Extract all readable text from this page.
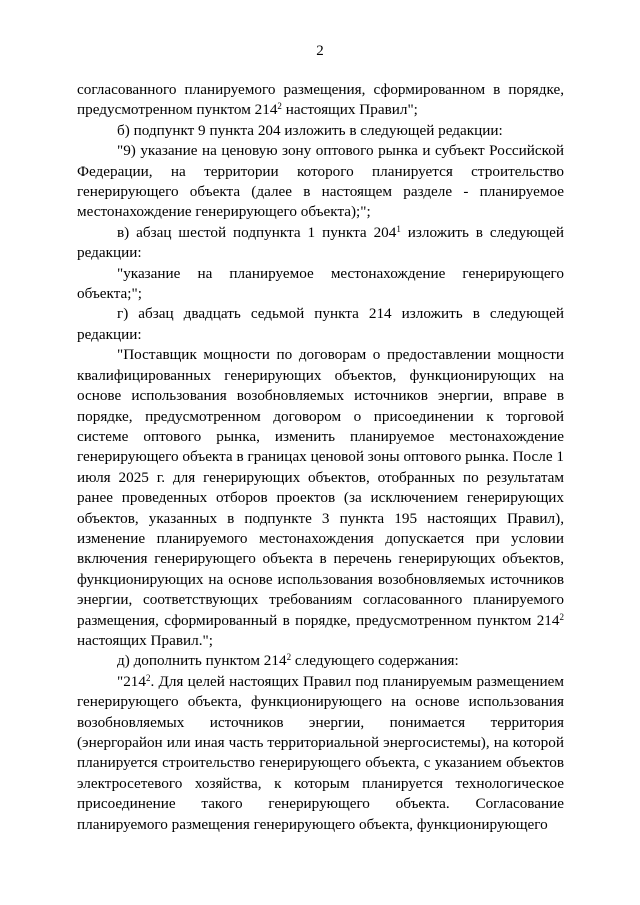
2

согласованного планируемого размещения, сформированном в порядке, предусмотренном пунктом $214^2$ настоящих Правил";

б) подпункт 9 пункта 204 изложить в следующей редакции:

"9) указание на ценовую зону оптового рынка и субъект Российской Федерации, на территории которого планируется строительство генерирующего объекта (далее в настоящем разделе - планируемое местонахождение генерирующего объекта);";

в) абзац шестой подпункта 1 пункта $204^1$ изложить в следующей редакции:

"указание на планируемое местонахождение генерирующего объекта;";

г) абзац двадцать седьмой пункта 214 изложить в следующей редакции:

"Поставщик мощности по договорам о предоставлении мощности квалифицированных генерирующих объектов, функционирующих на основе использования возобновляемых источников энергии, вправе в порядке, предусмотренном договором о присоединении к торговой системе оптового рынка, изменить планируемое местонахождение генерирующего объекта в границах ценовой зоны оптового рынка. После 1 июля 2025 г. для генерирующих объектов, отобранных по результатам ранее проведенных отборов проектов (за исключением генерирующих объектов, указанных в подпункте 3 пункта 195 настоящих Правил), изменение планируемого местонахождения допускается при условии включения генерирующего объекта в перечень генерирующих объектов, функционирующих на основе использования возобновляемых источников энергии, соответствующих требованиям согласованного планируемого размещения, сформированный в порядке, предусмотренном пунктом $214^2$ настоящих Правил.";

д) дополнить пунктом $214^2$ следующего содержания:

"$214^2$. Для целей настоящих Правил под планируемым размещением генерирующего объекта, функционирующего на основе использования возобновляемых источников энергии, понимается территория (энергорайон или иная часть территориальной энергосистемы), на которой планируется строительство генерирующего объекта, с указанием объектов электросетевого хозяйства, к которым планируется технологическое присоединение такого генерирующего объекта. Согласование планируемого размещения генерирующего объекта, функционирующего
